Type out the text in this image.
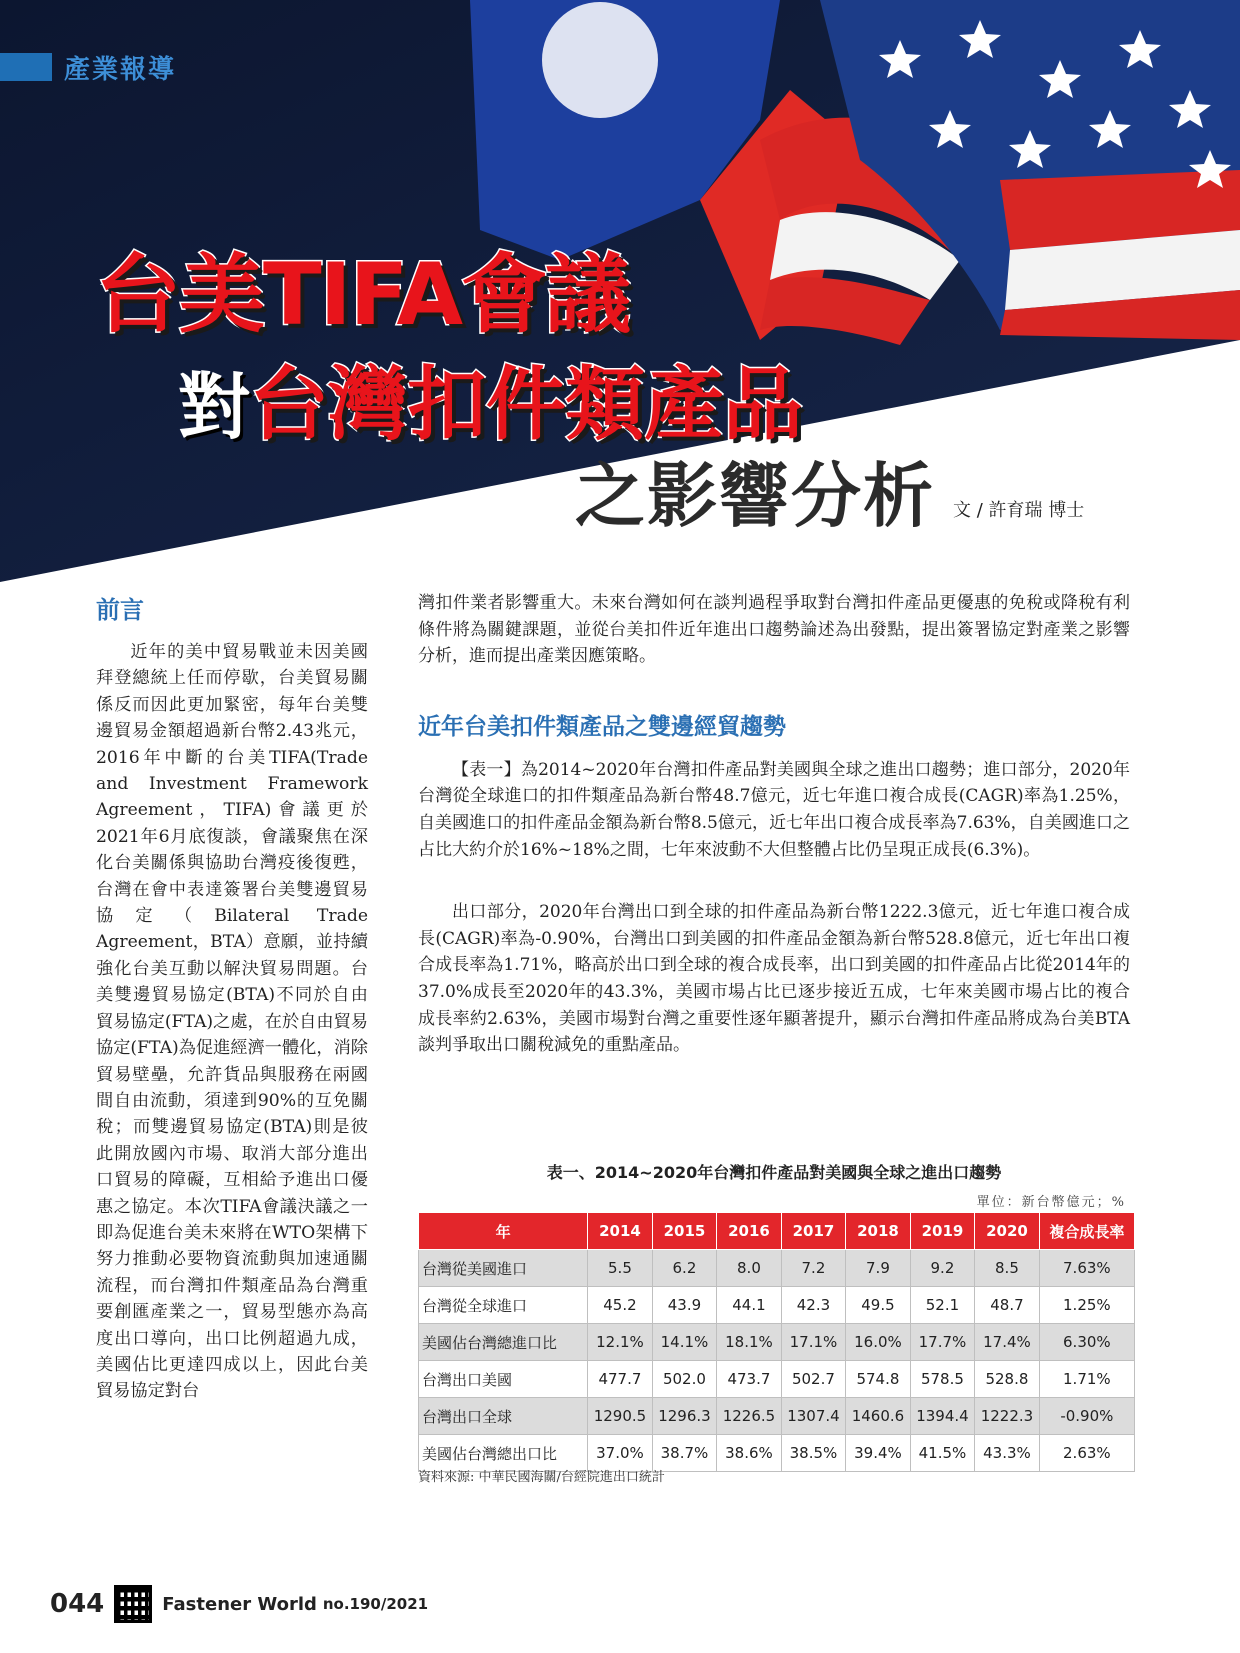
產業報導
台美TIFA會議
對台灣扣件類產品
之影響分析 文 / 許育瑞 博士
前言

近年的美中貿易戰並未因美國拜登總統上任而停歇，台美貿易關係反而因此更加緊密，每年台美雙邊貿易金額超過新台幣2.43兆元，2016年中斷的台美TIFA(Trade and Investment Framework Agreement，TIFA)會議更於2021年6月底復談，會議聚焦在深化台美關係與協助台灣疫後復甦，台灣在會中表達簽署台美雙邊貿易協定（Bilateral Trade Agreement，BTA）意願，並持續強化台美互動以解決貿易問題。台美雙邊貿易協定(BTA)不同於自由貿易協定(FTA)之處，在於自由貿易協定(FTA)為促進經濟一體化，消除貿易壁壘，允許貨品與服務在兩國間自由流動，須達到90%的互免關稅；而雙邊貿易協定(BTA)則是彼此開放國內市場、取消大部分進出口貿易的障礙，互相給予進出口優惠之協定。本次TIFA會議決議之一即為促進台美未來將在WTO架構下努力推動必要物資流動與加速通關流程，而台灣扣件類產品為台灣重要創匯產業之一，貿易型態亦為高度出口導向，出口比例超過九成，美國佔比更達四成以上，因此台美貿易協定對台

灣扣件業者影響重大。未來台灣如何在談判過程爭取對台灣扣件產品更優惠的免稅或降稅有利條件將為關鍵課題，並從台美扣件近年進出口趨勢論述為出發點，提出簽署協定對產業之影響分析，進而提出產業因應策略。

近年台美扣件類產品之雙邊經貿趨勢

【表一】為2014~2020年台灣扣件產品對美國與全球之進出口趨勢；進口部分，2020年台灣從全球進口的扣件類產品為新台幣48.7億元，近七年進口複合成長(CAGR)率為1.25%，自美國進口的扣件產品金額為新台幣8.5億元，近七年出口複合成長率為7.63%，自美國進口之占比大約介於16%~18%之間，七年來波動不大但整體占比仍呈現正成長(6.3%)。

出口部分，2020年台灣出口到全球的扣件產品為新台幣1222.3億元，近七年進口複合成長(CAGR)率為-0.90%，台灣出口到美國的扣件產品金額為新台幣528.8億元，近七年出口複合成長率為1.71%，略高於出口到全球的複合成長率，出口到美國的扣件產品占比從2014年的 37.0%成長至2020年的43.3%，美國市場占比已逐步接近五成，七年來美國市場占比的複合成長率約2.63%，美國市場對台灣之重要性逐年顯著提升，顯示台灣扣件產品將成為台美BTA談判爭取出口關稅減免的重點產品。

表一、2014~2020年台灣扣件產品對美國與全球之進出口趨勢
單位：新台幣億元；%
年	2014	2015	2016	2017	2018	2019	2020	複合成長率
台灣從美國進口	5.5	6.2	8.0	7.2	7.9	9.2	8.5	7.63%
台灣從全球進口	45.2	43.9	44.1	42.3	49.5	52.1	48.7	1.25%
美國佔台灣總進口比	12.1%	14.1%	18.1%	17.1%	16.0%	17.7%	17.4%	6.30%
台灣出口美國	477.7	502.0	473.7	502.7	574.8	578.5	528.8	1.71%
台灣出口全球	1290.5	1296.3	1226.5	1307.4	1460.6	1394.4	1222.3	-0.90%
美國佔台灣總出口比	37.0%	38.7%	38.6%	38.5%	39.4%	41.5%	43.3%	2.63%
資料來源: 中華民國海關/台經院進出口統計
044	Fastener World no.190/2021
